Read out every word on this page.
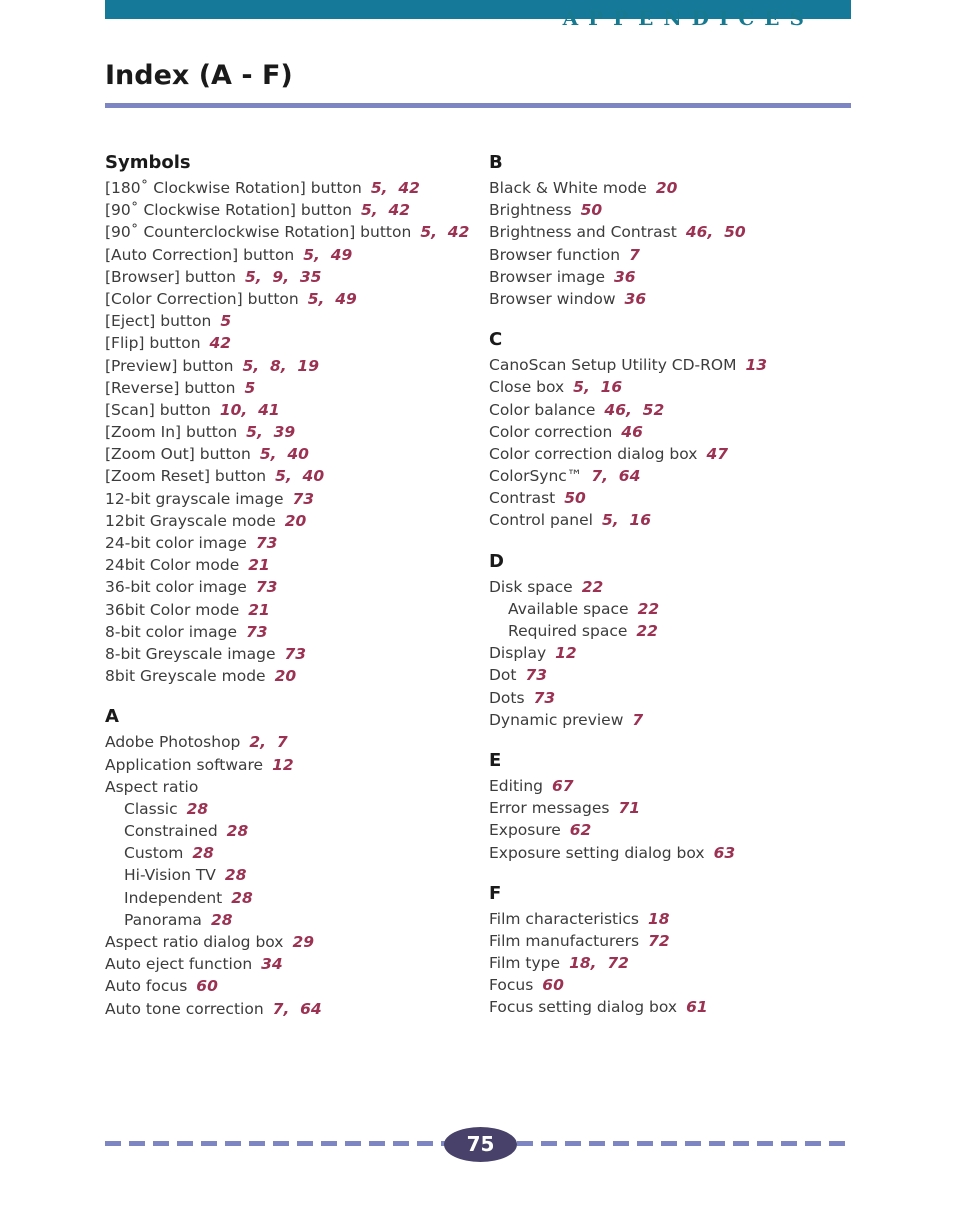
APPENDICES
Index (A - F)
Symbols
[180˚ Clockwise Rotation] button 5,  42
[90˚ Clockwise Rotation] button 5,  42
[90˚ Counterclockwise Rotation] button 5,  42
[Auto Correction] button 5,  49
[Browser] button 5,  9,  35
[Color Correction] button 5,  49
[Eject] button 5
[Flip] button 42
[Preview] button 5,  8,  19
[Reverse] button 5
[Scan] button 10,  41
[Zoom In] button 5,  39
[Zoom Out] button 5,  40
[Zoom Reset] button 5,  40
12-bit grayscale image 73
12bit Grayscale mode 20
24-bit color image 73
24bit Color mode 21
36-bit color image 73
36bit Color mode 21
8-bit color image 73
8-bit Greyscale image 73
8bit Greyscale mode 20
A
Adobe Photoshop 2,  7
Application software 12
Aspect ratio
Classic 28
Constrained 28
Custom 28
Hi-Vision TV 28
Independent 28
Panorama 28
Aspect ratio dialog box 29
Auto eject function 34
Auto focus 60
Auto tone correction 7,  64
B
Black & White mode 20
Brightness 50
Brightness and Contrast 46,  50
Browser function 7
Browser image 36
Browser window 36
C
CanoScan Setup Utility CD-ROM 13
Close box 5,  16
Color balance 46,  52
Color correction 46
Color correction dialog box 47
ColorSync™ 7,  64
Contrast 50
Control panel 5,  16
D
Disk space 22
Available space 22
Required space 22
Display 12
Dot 73
Dots 73
Dynamic preview 7
E
Editing 67
Error messages 71
Exposure 62
Exposure setting dialog box 63
F
Film characteristics 18
Film manufacturers 72
Film type 18,  72
Focus 60
Focus setting dialog box 61
75
